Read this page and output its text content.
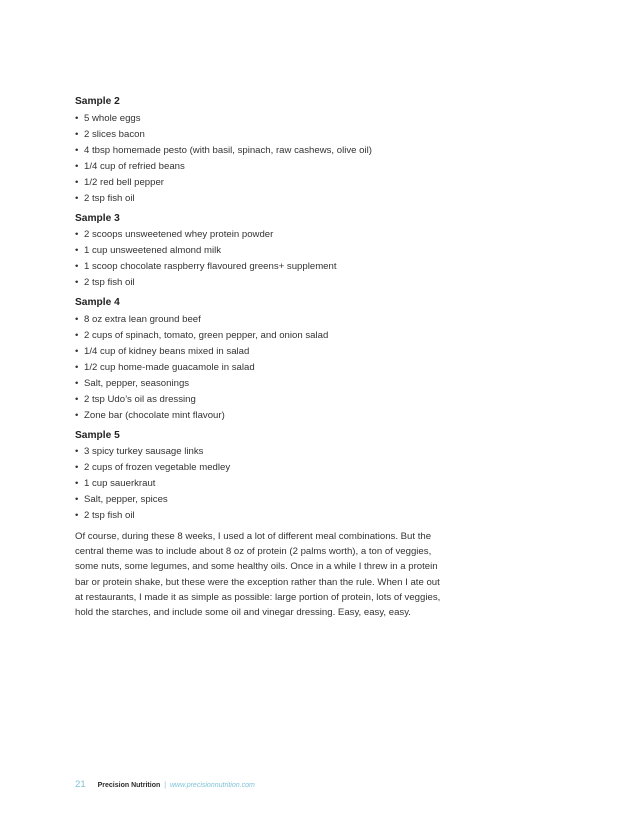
Sample 2
• 5 whole eggs
• 2 slices bacon
• 4 tbsp homemade pesto (with basil, spinach, raw cashews, olive oil)
• 1/4 cup of refried beans
• 1/2 red bell pepper
• 2 tsp fish oil
Sample 3
• 2 scoops unsweetened whey protein powder
• 1 cup unsweetened almond milk
• 1 scoop chocolate raspberry flavoured greens+ supplement
• 2 tsp fish oil
Sample 4
• 8 oz extra lean ground beef
• 2 cups of spinach, tomato, green pepper, and onion salad
• 1/4 cup of kidney beans mixed in salad
• 1/2 cup home-made guacamole in salad
• Salt, pepper, seasonings
• 2 tsp Udo’s oil as dressing
• Zone bar (chocolate mint flavour)
Sample 5
• 3 spicy turkey sausage links
• 2 cups of frozen vegetable medley
• 1 cup sauerkraut
• Salt, pepper, spices
• 2 tsp fish oil

Of course, during these 8 weeks, I used a lot of different meal combinations. But the central theme was to include about 8 oz of protein (2 palms worth), a ton of veggies, some nuts, some legumes, and some healthy oils. Once in a while I threw in a protein bar or protein shake, but these were the exception rather than the rule. When I ate out at restaurants, I made it as simple as possible: large portion of protein, lots of veggies, hold the starches, and include some oil and vinegar dressing. Easy, easy, easy.

21 Precision Nutrition | www.precisionnutrition.com
